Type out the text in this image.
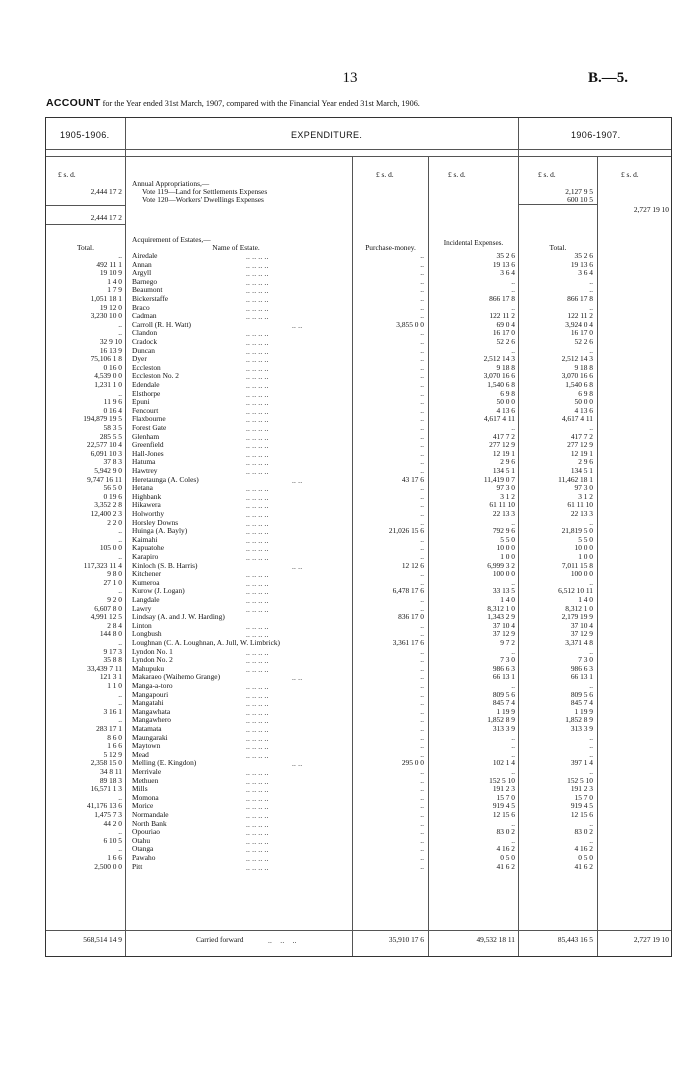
13	B.—5.
ACCOUNT for the Year ended 31st March, 1907, compared with the Financial Year ended 31st March, 1906.
1905-1906.	EXPENDITURE.	1906-1907.
£ s. d.	£ s. d.	£ s. d.	£ s. d.	£ s. d.
Annual Appropriations,—
Vote 119—Land for Settlements Expenses
Vote 120—Workers' Dwellings Expenses
2,444 17 2	2,127 9 5
600 10 5
2,727 19 10
2,444 17 2
Acquirement of Estates,—
Total.	Name of Estate.	Purchase-money.	Incidental Expenses.	Total.
.. Airedale	.. .. .. ..	..	35 2 6	35 2 6
492 11 1 Annan	.. .. .. ..	..	19 13 6	19 13 6
19 10 9 Argyll	.. .. .. ..	..	3 6 4	3 6 4
1 4 0 Barnego	.. .. .. ..	..	..	..
1 7 9 Beaumont	.. .. .. ..	..	..	..
1,051 18 1 Bickerstaffe	.. .. .. ..	..	866 17 8	866 17 8
19 12 0 Braco	.. .. .. ..	..	..	..
3,230 10 0 Cadman	.. .. .. ..	..	122 11 2	122 11 2
.. Carroll (R. H. Watt)	.. ..	3,855 0 0	69 0 4	3,924 0 4
.. Clandon	.. .. .. ..	..	16 17 0	16 17 0
32 9 10 Cradock	.. .. .. ..	..	52 2 6	52 2 6
16 13 9 Duncan	.. .. .. ..	..	..	..
75,106 1 8 Dyer	.. .. .. ..	..	2,512 14 3	2,512 14 3
0 16 0 Eccleston	.. .. .. ..	..	9 18 8	9 18 8
4,539 0 0 Eccleston No. 2	.. .. .. ..	..	3,070 16 6	3,070 16 6
1,231 1 0 Edendale	.. .. .. ..	..	1,540 6 8	1,540 6 8
.. Elsthorpe	.. .. .. ..	..	6 9 8	6 9 8
11 9 6 Epuni	.. .. .. ..	..	50 0 0	50 0 0
0 16 4 Fencourt	.. .. .. ..	..	4 13 6	4 13 6
194,879 19 5 Flaxbourne	.. .. .. ..	..	4,617 4 11	4,617 4 11
58 3 5 Forest Gate	.. .. .. ..	..	..	..
285 5 5 Glenham	.. .. .. ..	..	417 7 2	417 7 2
22,577 10 4 Greenfield	.. .. .. ..	..	277 12 9	277 12 9
6,091 10 3 Hall-Jones	.. .. .. ..	..	12 19 1	12 19 1
37 8 3 Hatuma	.. .. .. ..	..	2 9 6	2 9 6
5,942 9 0 Hawtrey	.. .. .. ..	..	134 5 1	134 5 1
9,747 16 11 Heretaunga (A. Coles)	.. ..	43 17 6	11,419 0 7	11,462 18 1
56 5 0 Hetana	.. .. .. ..	..	97 3 0	97 3 0
0 19 6 Highbank	.. .. .. ..	..	3 1 2	3 1 2
3,352 2 8 Hikawera	.. .. .. ..	..	61 11 10	61 11 10
12,400 2 3 Holworthy	.. .. .. ..	..	22 13 3	22 13 3
2 2 0 Horsley Downs	.. .. .. ..	..	..	..
.. Huinga (A. Bayly)	.. .. .. ..	21,026 15 6	792 9 6	21,819 5 0
.. Kaimahi	.. .. .. ..	..	5 5 0	5 5 0
105 0 0 Kapuatohe	.. .. .. ..	..	10 0 0	10 0 0
.. Karapiro	.. .. .. ..	..	1 0 0	1 0 0
117,323 11 4 Kinloch (S. B. Harris)	.. ..	12 12 6	6,999 3 2	7,011 15 8
9 8 0 Kitchener	.. .. .. ..	..	100 0 0	100 0 0
27 1 0 Kumeroa	.. .. .. ..	..	..	..
.. Kurow (J. Logan)	.. .. .. ..	6,478 17 6	33 13 5	6,512 10 11
9 2 0 Langdale	.. .. .. ..	..	1 4 0	1 4 0
6,607 8 0 Lawry	.. .. .. ..	..	8,312 1 0	8,312 1 0
4,991 12 5 Lindsay (A. and J. W. Harding)	836 17 0	1,343 2 9	2,179 19 9
2 8 4 Linton	.. .. .. ..	..	37 10 4	37 10 4
144 8 0 Longbush	.. .. .. ..	..	37 12 9	37 12 9
.. Loughnan (C. A. Loughnan, A. Jull, W. Limbrick)	3,361 17 6	9 7 2	3,371 4 8
9 17 3 Lyndon No. 1	.. .. .. ..	..	..	..
35 8 8 Lyndon No. 2	.. .. .. ..	..	7 3 0	7 3 0
33,439 7 11 Mahupuku	.. .. .. ..	..	986 6 3	986 6 3
121 3 1 Makaraeo (Waihemo Grange)	.. ..	..	66 13 1	66 13 1
1 1 0 Manga-a-toro	.. .. .. ..	..	..	..
.. Mangapouri	.. .. .. ..	..	809 5 6	809 5 6
.. Mangatahi	.. .. .. ..	..	845 7 4	845 7 4
3 16 1 Mangawhata	.. .. .. ..	..	1 19 9	1 19 9
.. Mangawhero	.. .. .. ..	..	1,852 8 9	1,852 8 9
283 17 1 Matamata	.. .. .. ..	..	313 3 9	313 3 9
8 6 0 Maungaraki	.. .. .. ..	..	..	..
1 6 6 Maytown	.. .. .. ..	..	..	..
5 12 9 Mead	.. .. .. ..	..	..	..
2,358 15 0 Melling (E. Kingdon)	.. ..	295 0 0	102 1 4	397 1 4
34 8 11 Merrivale	.. .. .. ..	..	..	..
89 18 3 Methuen	.. .. .. ..	..	152 5 10	152 5 10
16,571 1 3 Mills	.. .. .. ..	..	191 2 3	191 2 3
.. Momona	.. .. .. ..	..	15 7 0	15 7 0
41,176 13 6 Morice	.. .. .. ..	..	919 4 5	919 4 5
1,475 7 3 Normandale	.. .. .. ..	..	12 15 6	12 15 6
44 2 0 North Bank	.. .. .. ..	..	..	..
.. Opouriao	.. .. .. ..	..	83 0 2	83 0 2
6 10 5 Otahu	.. .. .. ..	..	..	..
.. Otanga	.. .. .. ..	..	4 16 2	4 16 2
1 6 6 Pawaho	.. .. .. ..	..	0 5 0	0 5 0
2,500 0 0 Pitt	.. .. .. ..	..	41 6 2	41 6 2
568,514 14 9	Carried forward	..    ..    ..	35,910 17 6	49,532 18 11	85,443 16 5	2,727 19 10
